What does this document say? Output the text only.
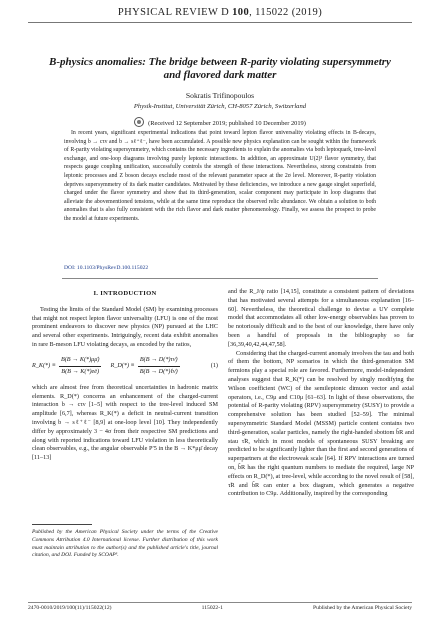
PHYSICAL REVIEW D 100, 115022 (2019)
B-physics anomalies: The bridge between R-parity violating supersymmetry and flavored dark matter
Sokratis Trifinopoulos
Physik-Institut, Universität Zürich, CH-8057 Zürich, Switzerland
(Received 12 September 2019; published 10 December 2019)

In recent years, significant experimental indications that point toward lepton flavor universality violating effects in B-decays, involving b → cτν and b → sℓ⁺ℓ⁻, have been accumulated. A possible new physics explanation can be sought within the framework of R-parity violating supersymmetry, which contains the necessary ingredients to explain the anomalies via both leptoquark, tree-level exchange, and one-loop diagrams involving purely leptonic interactions. In addition, an approximate U(2)³ flavor symmetry, that respects gauge coupling unification, successfully controls the strength of these interactions. Nevertheless, strong constraints from leptonic processes and Z boson decays exclude most of the relevant parameter space at the 2σ level. Moreover, R-parity violation deprives supersymmetry of its dark matter candidates. Motivated by these deficiencies, we introduce a new gauge singlet superfield, charged under the flavor symmetry and show that its third-generation, scalar component may participate in loop diagrams that alleviate the abovementioned tensions, while at the same time reproduce the observed relic abundance. We obtain a solution to both anomalies that is also fully consistent with the rich flavor and dark matter phenomenology. Finally, we assess the prospect to probe the model at future experiments.

DOI: 10.1103/PhysRevD.100.115022
I. INTRODUCTION

Testing the limits of the Standard Model (SM) by examining processes that might not respect lepton flavor universality (LFU) is one of the most prominent endeavors to discover new physics (NP) pursued at the LHC and several other experiments. Intriguingly, recent data exhibit anomalies in rare B-meson LFU violating decays, as encoded by the ratios,

R_K(*) ≡ $\frac{B(B \to K(*)\mu\mū)}{B(B \to K(*)eē)}$ R_D(*) ≡ $\frac{B(B \to D(*)\tau\nū)}{\text{B(B → D(*)ℓν̄)}}$	(1)

which are almost free from theoretical uncertainties in hadronic matrix elements. R_D(*) concerns an enhancement of the charged-current interaction b → cτν [1–5] with respect to the tree-level induced SM amplitude [6,7], whereas R_K(*) a deficit in neutral-current transition involving b → sℓ⁺ℓ⁻ [8,9] at one-loop level [10]. They independently differ by approximately 3 − 4σ from their respective SM predictions and along with reported indications toward LFU violation in less theoretically clean observables, e.g., the angular observable P′5 in the B → K*μμ̄ decay [11–13]

and the R_J/ψ ratio [14,15], constitute a consistent pattern of deviations that has motivated several attempts for a simultaneous explanation [16–60]. Nevertheless, the theoretical challenge to devise a UV complete model that accommodates all other low-energy observables has proven to be notoriously difficult and to the best of our knowledge, there have only been a handful of proposals in the bibliography so far [36,39,40,42,44,47,58].

Considering that the charged-current anomaly involves the tau and both of them the bottom, NP scenarios in which the third-generation SM fermions play a special role are favored. Furthermore, model-independent analyses suggest that R_K(*) can be resolved by singly modifying the Wilson coefficient (WC) of the semileptonic dimuon vector and axial operators, i.e., C9μ and C10μ [61–63]. In light of these observations, the potential of R-parity violating (RPV) supersymmetry (SUSY) to provide a comprehensive solution has been studied [52–59]. The minimal supersymmetric Standard Model (MSSM) particle content contains two third-generation, scalar particles, namely the right-handed sbottom b̃R and stau τ̃R, which in most models of spontaneous SUSY breaking are predicted to be significantly lighter than the first and second generations of superpartners at the electroweak scale [64]. If RPV interactions are turned on, b̃R has the right quantum numbers to mediate the required, large NP effects on R_D(*), at tree-level, while according to the novel result of [58], τ̃R and b̃R can enter a box diagram, which generates a negative contribution to C9μ. Additionally, inspired by the corresponding

Published by the American Physical Society under the terms of the Creative Commons Attribution 4.0 International license. Further distribution of this work must maintain attribution to the author(s) and the published article's title, journal citation, and DOI. Funded by SCOAP³.
2470-0010/2019/100(11)/115022(12)	115022-1	Published by the American Physical Society
